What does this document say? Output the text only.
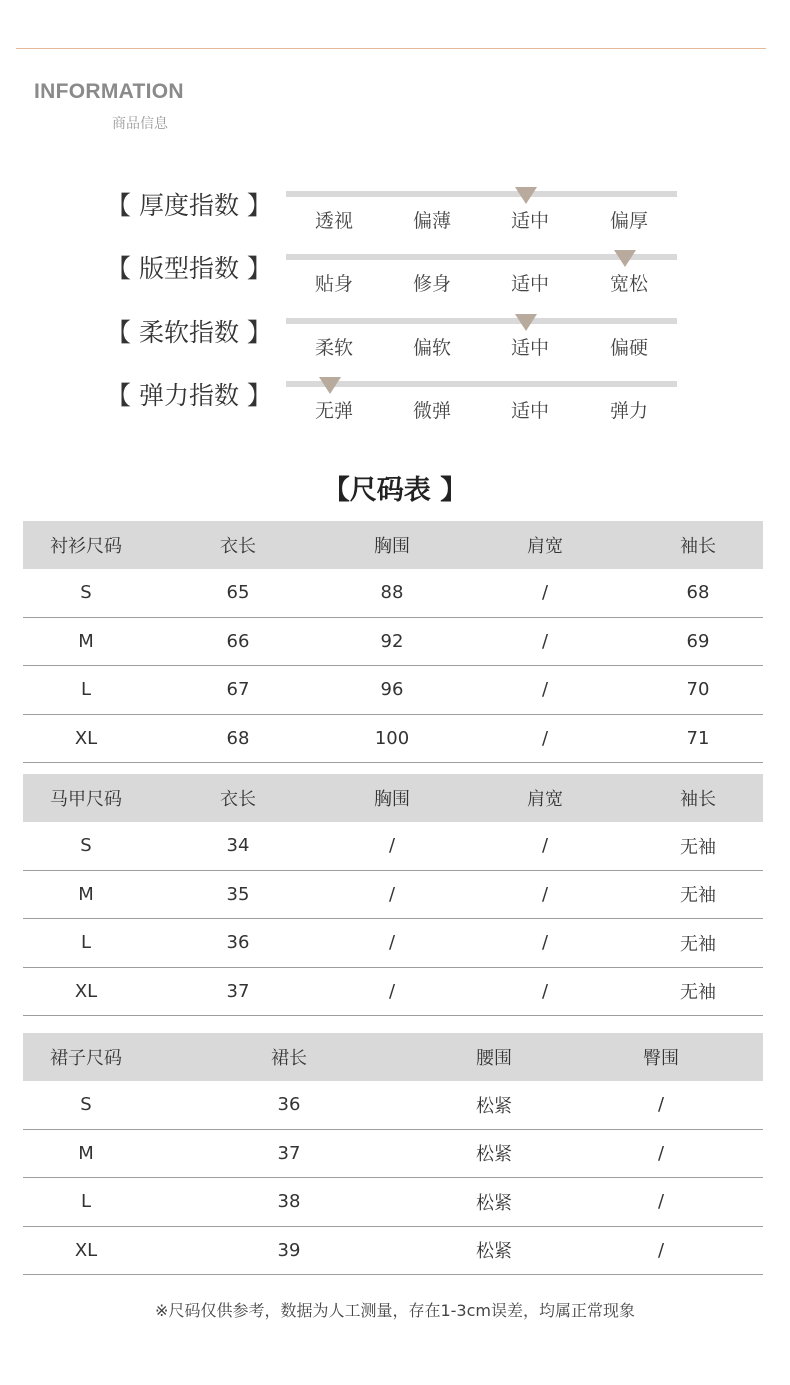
INFORMATION
商品信息
【 厚度指数 】
透视	偏薄	适中	偏厚
【 版型指数 】
贴身	修身	适中	宽松
【 柔软指数 】
柔软	偏软	适中	偏硬
【 弹力指数 】
无弹	微弹	适中	弹力
【尺码表 】
衬衫尺码	衣长	胸围	肩宽	袖长
S	65	88	/	68
M	66	92	/	69
L	67	96	/	70
XL	68	100	/	71
马甲尺码	衣长	胸围	肩宽	袖长
S	34	/	/	无袖
M	35	/	/	无袖
L	36	/	/	无袖
XL	37	/	/	无袖
裙子尺码	裙长	腰围	臀围
S	36	松紧	/
M	37	松紧	/
L	38	松紧	/
XL	39	松紧	/
※尺码仅供参考，数据为人工测量，存在1-3cm误差，均属正常现象
